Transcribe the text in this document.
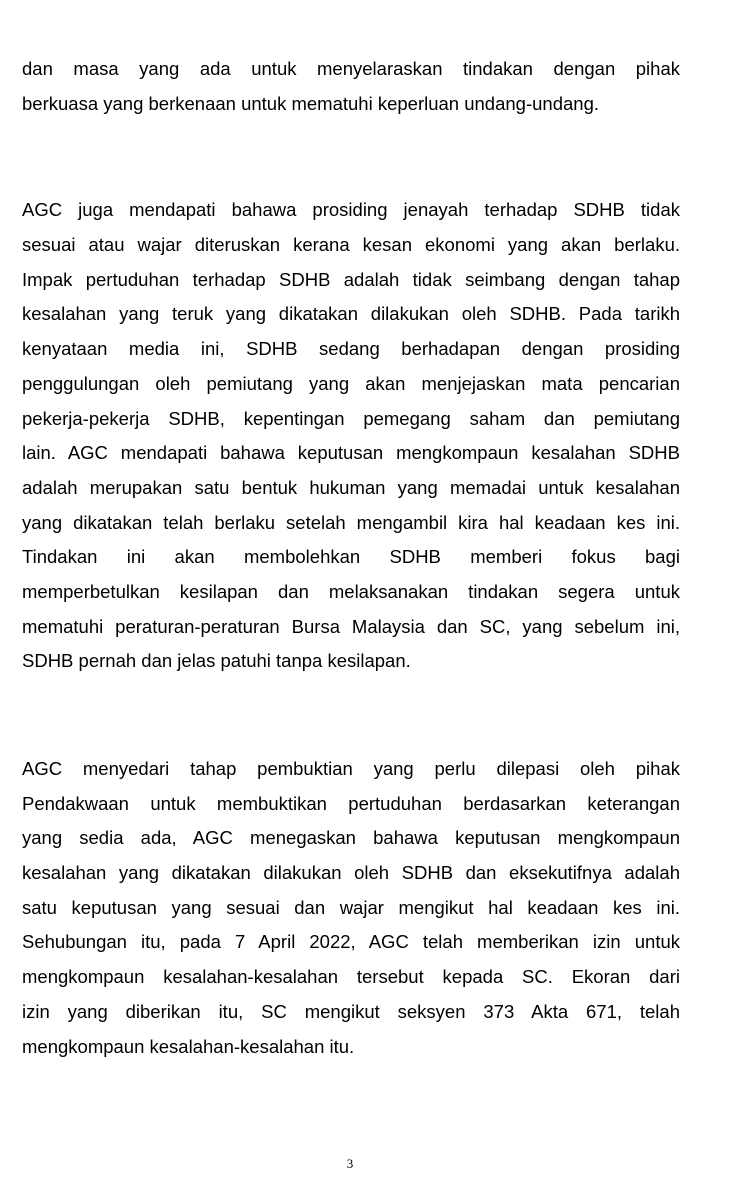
dan masa yang ada untuk menyelaraskan tindakan dengan pihak
berkuasa yang berkenaan untuk mematuhi keperluan undang-undang.
AGC juga mendapati bahawa prosiding jenayah terhadap SDHB tidak
sesuai atau wajar diteruskan kerana kesan ekonomi yang akan berlaku.
Impak pertuduhan terhadap SDHB adalah tidak seimbang dengan tahap
kesalahan yang teruk yang dikatakan dilakukan oleh SDHB. Pada tarikh
kenyataan media ini, SDHB sedang berhadapan dengan prosiding
penggulungan oleh pemiutang yang akan menjejaskan mata pencarian
pekerja-pekerja SDHB, kepentingan pemegang saham dan pemiutang
lain. AGC mendapati bahawa keputusan mengkompaun kesalahan SDHB
adalah merupakan satu bentuk hukuman yang memadai untuk kesalahan
yang dikatakan telah berlaku setelah mengambil kira hal keadaan kes ini.
Tindakan ini akan membolehkan SDHB memberi fokus bagi
memperbetulkan kesilapan dan melaksanakan tindakan segera untuk
mematuhi peraturan-peraturan Bursa Malaysia dan SC, yang sebelum ini,
SDHB pernah dan jelas patuhi tanpa kesilapan.
AGC menyedari tahap pembuktian yang perlu dilepasi oleh pihak
Pendakwaan untuk membuktikan pertuduhan berdasarkan keterangan
yang sedia ada, AGC menegaskan bahawa keputusan mengkompaun
kesalahan yang dikatakan dilakukan oleh SDHB dan eksekutifnya adalah
satu keputusan yang sesuai dan wajar mengikut hal keadaan kes ini.
Sehubungan itu, pada 7 April 2022, AGC telah memberikan izin untuk
mengkompaun kesalahan-kesalahan tersebut kepada SC. Ekoran dari
izin yang diberikan itu, SC mengikut seksyen 373 Akta 671, telah
mengkompaun kesalahan-kesalahan itu.
3
